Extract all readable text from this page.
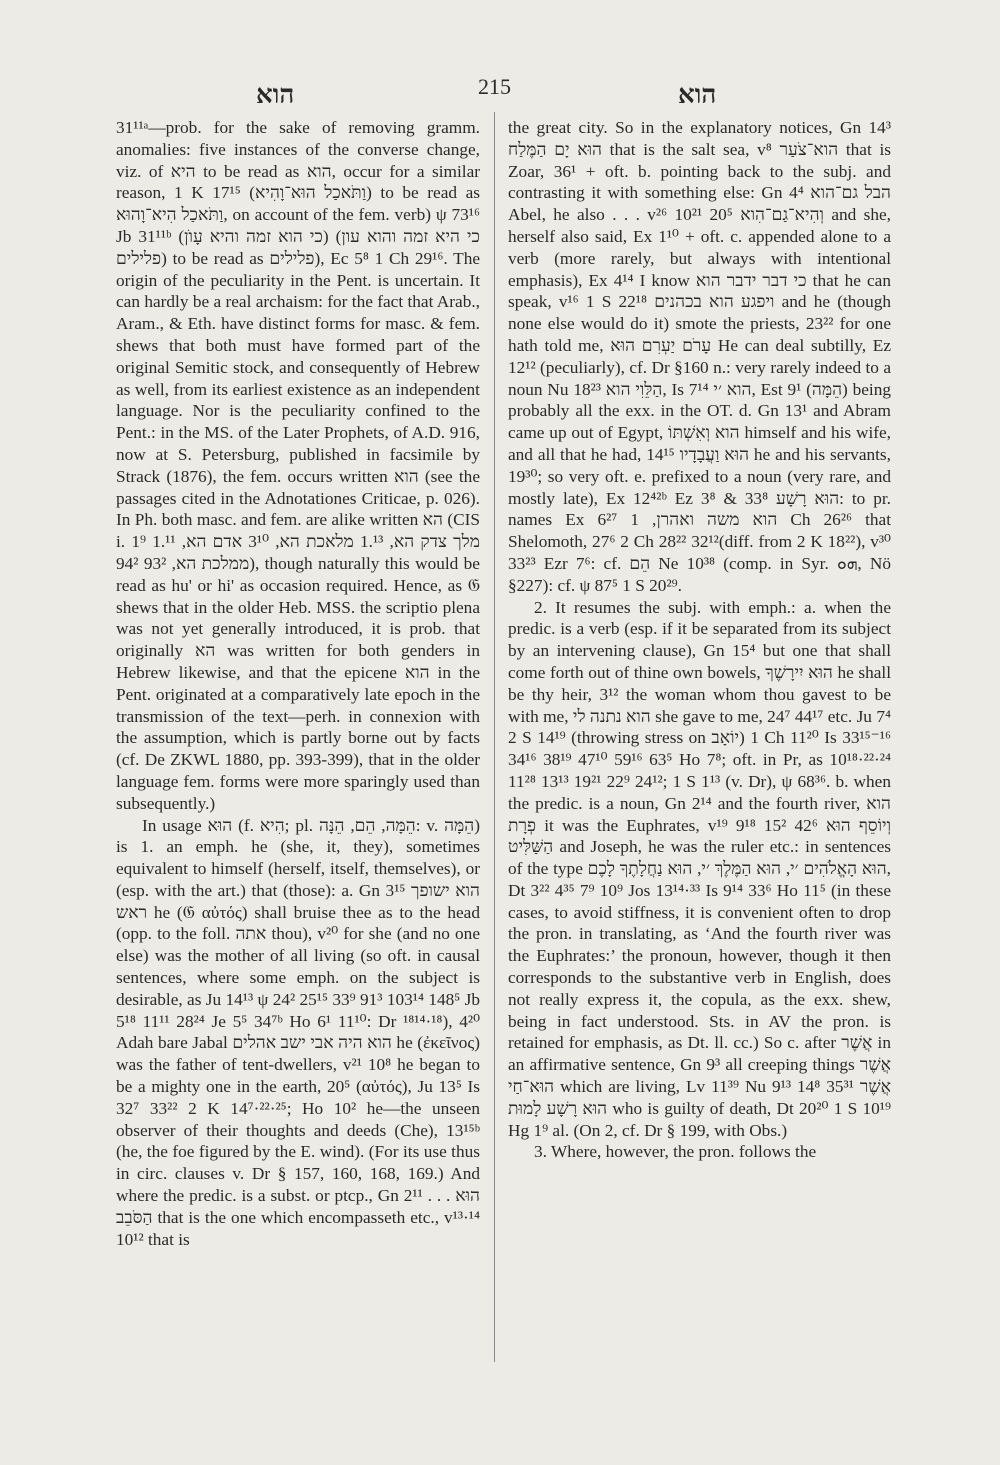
הוא	215	הוא

31¹¹ᵃ—prob. for the sake of removing gramm. anomalies: five instances of the converse change, viz. of היא to be read as הוא, occur for a similar reason, 1 K 17¹⁵ (וַתֹּאכַל הוּא־וָהִיא) to be read as וַתֹּאכַל הִיא־וָהוּא, on account of the fem. verb) ψ 73¹⁶ Jb 31¹¹ᵇ (כי הוא זמה והיא עָוֺן) (כי היא זמה והוא עון פלילים) to be read as פלילים), Ec 5⁸ 1 Ch 29¹⁶. The origin of the peculiarity in the Pent. is uncertain. It can hardly be a real archaism: for the fact that Arab., Aram., & Eth. have distinct forms for masc. & fem. shews that both must have formed part of the original Semitic stock, and consequently of Hebrew as well, from its earliest existence as an independent language. Nor is the peculiarity confined to the Pent.: in the MS. of the Later Prophets, of A.D. 916, now at S. Petersburg, published in facsimile by Strack (1876), the fem. occurs written הוא (see the passages cited in the Adnotationes Criticae, p. 026). In Ph. both masc. and fem. are alike written הא (CIS i. 1⁹ מלך צדק הא, 1.¹³ מלאכת הא, 3¹⁰ אדם הא, 1.¹¹ ממלכת הא, 93² 94²), though naturally this would be read as hu' or hi' as occasion required. Hence, as 𝔊 shews that in the older Heb. MSS. the scriptio plena was not yet generally introduced, it is prob. that originally הא was written for both genders in Hebrew likewise, and that the epicene הוא in the Pent. originated at a comparatively late epoch in the transmission of the text—perh. in connexion with the assumption, which is partly borne out by facts (cf. De ZKWL 1880, pp. 393-399), that in the older language fem. forms were more sparingly used than subsequently.)

In usage הוּא (f. הִיא; pl. הֵמָּה, הֵם, הֵנָּה: v. הֵמָּה) is 1. an emph. he (she, it, they), sometimes equivalent to himself (herself, itself, themselves), or (esp. with the art.) that (those): a. Gn 3¹⁵ הוא ישופך ראש he (𝔊 αὐτός) shall bruise thee as to the head (opp. to the foll. אתה thou), v²⁰ for she (and no one else) was the mother of all living (so oft. in causal sentences, where some emph. on the subject is desirable, as Ju 14¹³ ψ 24² 25¹⁵ 33⁹ 91³ 103¹⁴ 148⁵ Jb 5¹⁸ 11¹¹ 28²⁴ Je 5⁵ 34⁷ᵇ Ho 6¹ 11¹⁰: Dr ¹⁸¹⁴·¹⁸), 4²⁰ Adah bare Jabal הוא היה אבי ישב אהלים he (ἐκεῖνος) was the father of tent-dwellers, v²¹ 10⁸ he began to be a mighty one in the earth, 20⁵ (αὐτός), Ju 13⁵ Is 32⁷ 33²² 2 K 14⁷·²²·²⁵; Ho 10² he—the unseen observer of their thoughts and deeds (Che), 13¹⁵ᵇ (he, the foe figured by the E. wind). (For its use thus in circ. clauses v. Dr § 157, 160, 168, 169.) And where the predic. is a subst. or ptcp., Gn 2¹¹ . . . הוּא הַסֹּבֵב that is the one which encompasseth etc., v¹³·¹⁴ 10¹² that is

the great city. So in the explanatory notices, Gn 14³ הוּא יָם הַמֶּלַח that is the salt sea, v⁸ הוא־צֹעַר that is Zoar, 36¹ + oft. b. pointing back to the subj. and contrasting it with something else: Gn 4⁴ הבל גם־הוא Abel, he also . . . v²⁶ 10²¹ 20⁵ וְהִיא־גַם־הִוא and she, herself also said, Ex 1¹⁰ + oft. c. appended alone to a verb (more rarely, but always with intentional emphasis), Ex 4¹⁴ I know כי דבר ידבר הוא that he can speak, v¹⁶ 1 S 22¹⁸ ויפגע הוא בכהנים and he (though none else would do it) smote the priests, 23²² for one hath told me, עָרֹם יַעְרִם הוּא He can deal subtilly, Ez 12¹² (peculiarly), cf. Dr §160 n.: very rarely indeed to a noun Nu 18²³ הַלֵּוִי הוא, Is 7¹⁴ הוא ׳י, Est 9¹ (הֵמָּה) being probably all the exx. in the OT. d. Gn 13¹ and Abram came up out of Egypt, הוא וְאִשְׁתּוֹ himself and his wife, and all that he had, 14¹⁵ הוּא וַעֲבָדָיו he and his servants, 19³⁰; so very oft. e. prefixed to a noun (very rare, and mostly late), Ex 12⁴²ᵇ Ez 3⁸ & 33⁸ הוּא רָשָׁע: to pr. names Ex 6²⁷ הוא משה ואהרן, 1 Ch 26²⁶ that Shelomoth, 27⁶ 2 Ch 28²² 32¹²(diff. from 2 K 18²²), v³⁰ 33²³ Ezr 7⁶: cf. הֵם Ne 10³⁸ (comp. in Syr. ܗܘ, Nö §227): cf. ψ 87⁵ 1 S 20²⁹.

2. It resumes the subj. with emph.: a. when the predic. is a verb (esp. if it be separated from its subject by an intervening clause), Gn 15⁴ but one that shall come forth out of thine own bowels, הוּא יִירָשֶׁךָ he shall be thy heir, 3¹² the woman whom thou gavest to be with me, הוא נתנה לי she gave to me, 24⁷ 44¹⁷ etc. Ju 7⁴ 2 S 14¹⁹ (throwing stress on יוֹאָב) 1 Ch 11²⁰ Is 33¹⁵⁻¹⁶ 34¹⁶ 38¹⁹ 47¹⁰ 59¹⁶ 63⁵ Ho 7⁸; oft. in Pr, as 10¹⁸·²²·²⁴ 11²⁸ 13¹³ 19²¹ 22⁹ 24¹²; 1 S 1¹³ (v. Dr), ψ 68³⁶. b. when the predic. is a noun, Gn 2¹⁴ and the fourth river, הוא פְרָת it was the Euphrates, v¹⁹ 9¹⁸ 15² 42⁶ וְיוֹסֵף הוּא הַשַּׁלִּיט and Joseph, he was the ruler etc.: in sentences of the type הוּא הָאֱלֹהִים ׳י, הוּא הַמֶּלֶךְ ׳י, הוּא נַחֲלָתֶךָ לָכֶם, Dt 3²² 4³⁵ 7⁹ 10⁹ Jos 13¹⁴·³³ Is 9¹⁴ 33⁶ Ho 11⁵ (in these cases, to avoid stiffness, it is convenient often to drop the pron. in translating, as ‘And the fourth river was the Euphrates:’ the pronoun, however, though it then corresponds to the substantive verb in English, does not really express it, the copula, as the exx. shew, being in fact understood. Sts. in AV the pron. is retained for emphasis, as Dt. ll. cc.) So c. after אֲשֶׁר in an affirmative sentence, Gn 9³ all creeping things אֲשֶׁר הוּא־חַי which are living, Lv 11³⁹ Nu 9¹³ 14⁸ 35³¹ אֲשֶׁר הוּא רָשָׁע לָמוּת who is guilty of death, Dt 20²⁰ 1 S 10¹⁹ Hg 1⁹ al. (On 2, cf. Dr § 199, with Obs.)

3. Where, however, the pron. follows the
